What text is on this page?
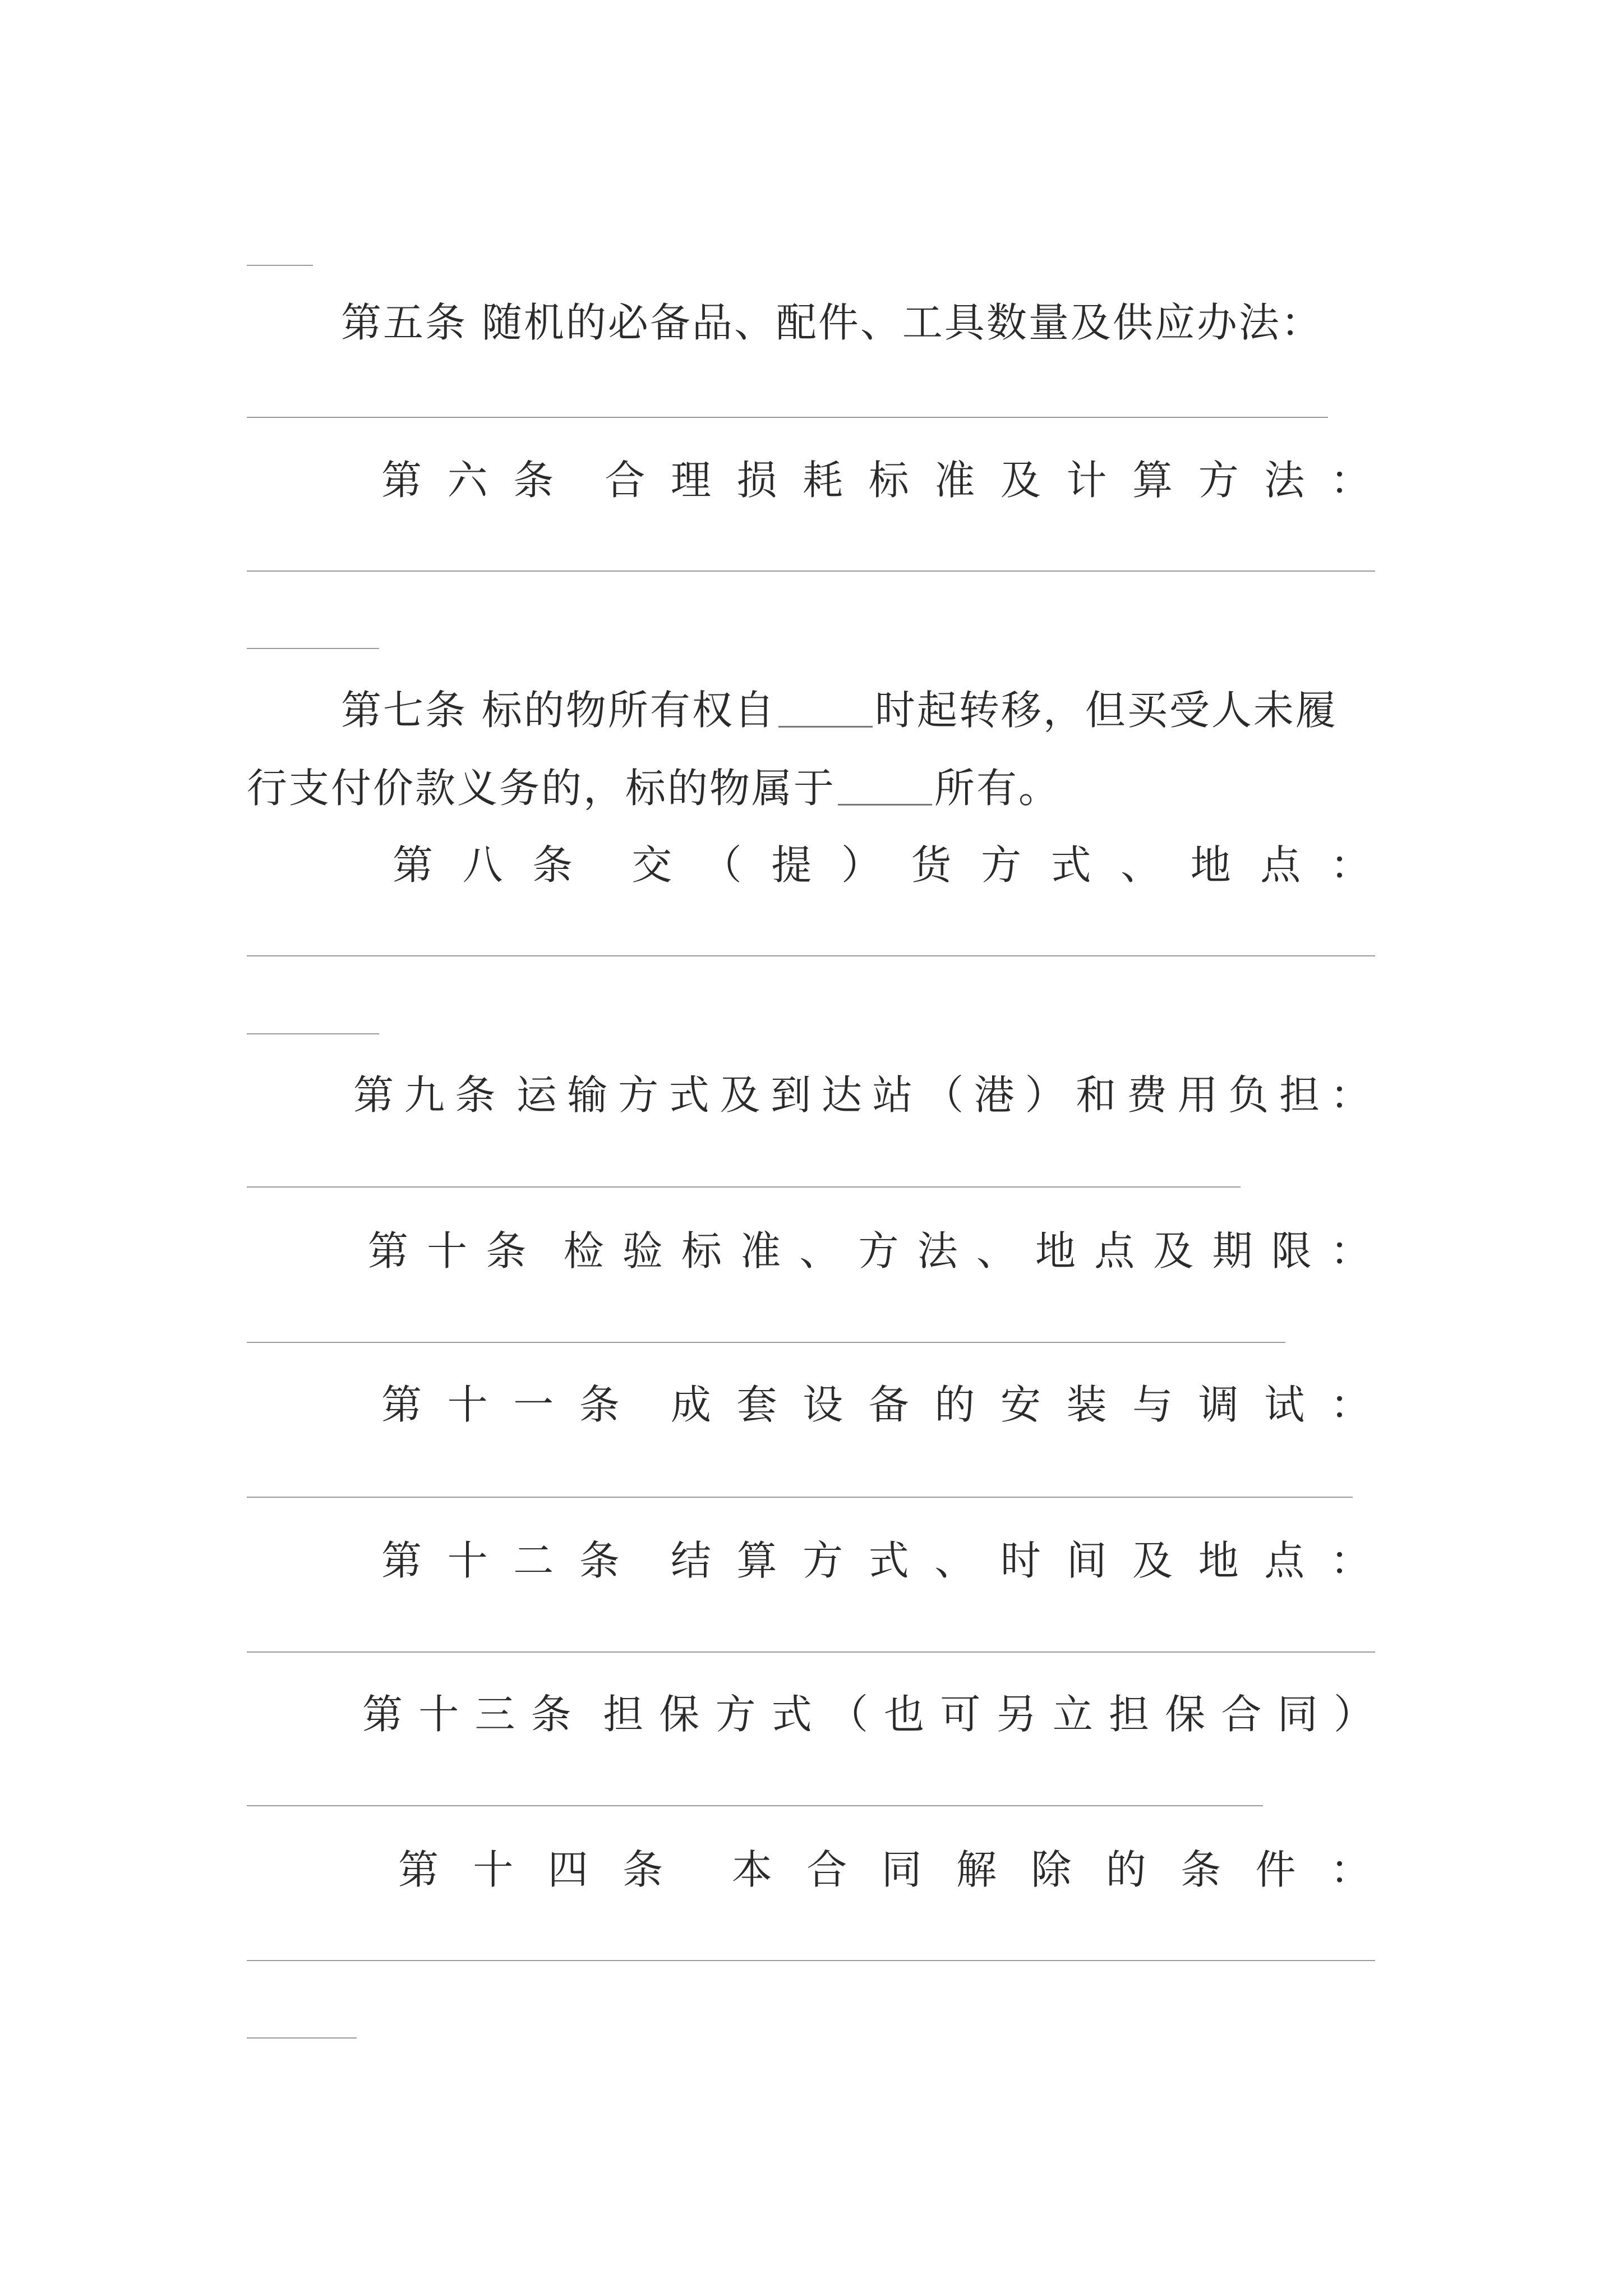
第五条 随机的必备品、配件、工具数量及供应办法：
第 六 条 合 理 损 耗 标 准 及 计 算 方 法 ：
第七条 标的物所有权自 时起转移，但买受人未履
行支付价款义务的，标的物属于 所有。
第 八 条 交 （ 提 ） 货 方 式 、 地 点 ：
第 九 条 运 输 方 式 及 到 达 站 （ 港 ） 和 费 用 负 担 ：
第 十 条 检 验 标 准 、 方 法 、 地 点 及 期 限 ：
第 十 一 条 成 套 设 备 的 安 装 与 调 试 ：
第 十 二 条 结 算 方 式 、 时 间 及 地 点 ：
第 十 三 条 担 保 方 式 （ 也 可 另 立 担 保 合 同 ）
第 十 四 条 本 合 同 解 除 的 条 件 ：
